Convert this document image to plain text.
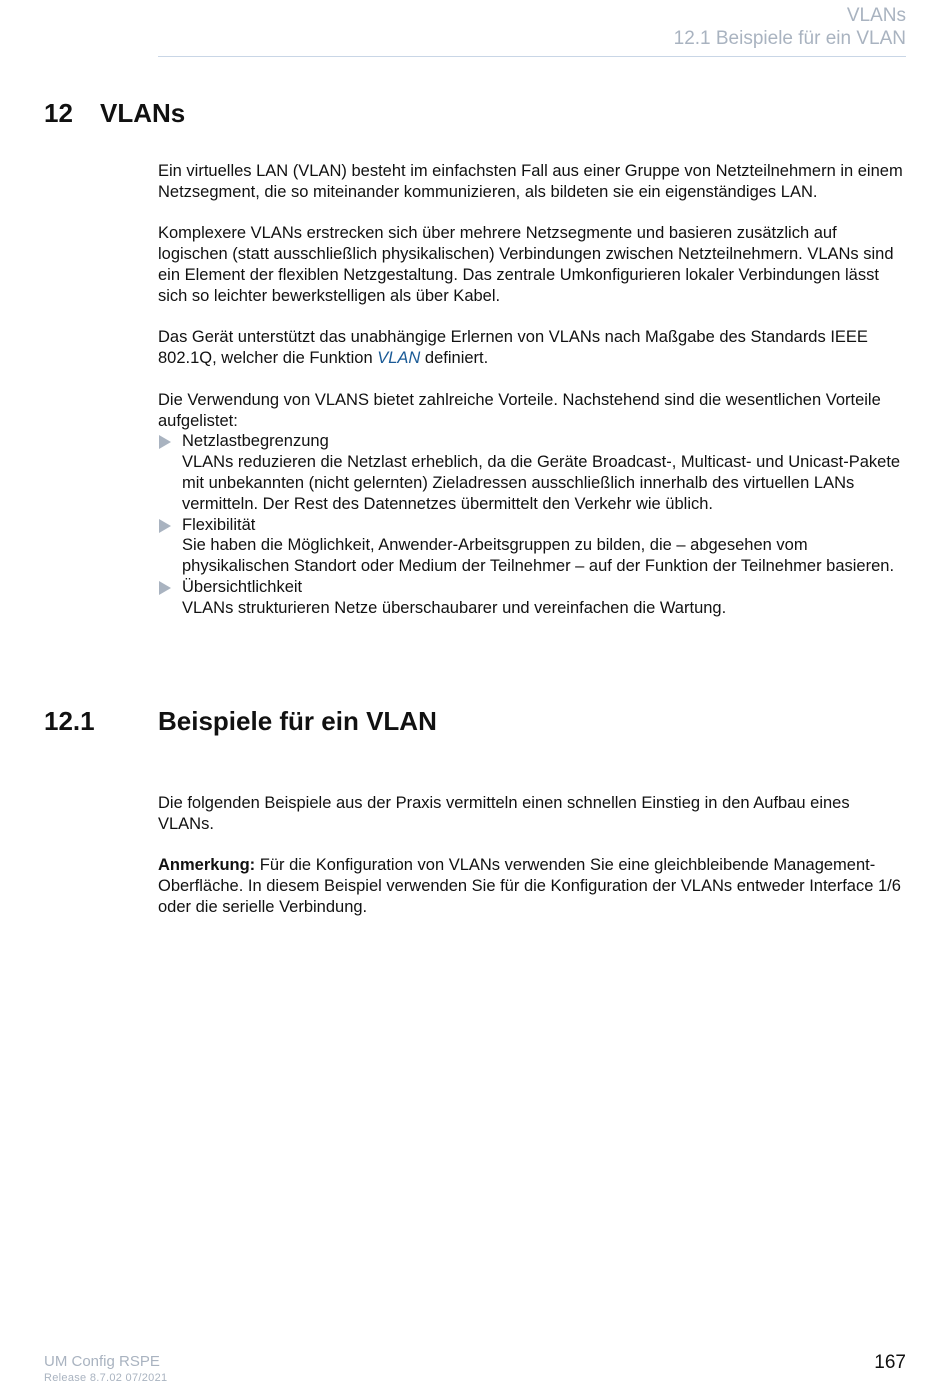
VLANs
12.1 Beispiele für ein VLAN
12 VLANs

Ein virtuelles LAN (VLAN) besteht im einfachsten Fall aus einer Gruppe von Netzteilnehmern in einem Netzsegment, die so miteinander kommunizieren, als bildeten sie ein eigenständiges LAN.

Komplexere VLANs erstrecken sich über mehrere Netzsegmente und basieren zusätzlich auf logischen (statt ausschließlich physikalischen) Verbindungen zwischen Netzteilnehmern. VLANs sind ein Element der flexiblen Netzgestaltung. Das zentrale Umkonfigurieren lokaler Verbindungen lässt sich so leichter bewerkstelligen als über Kabel.

Das Gerät unterstützt das unabhängige Erlernen von VLANs nach Maßgabe des Standards IEEE 802.1Q, welcher die Funktion VLAN definiert.

Die Verwendung von VLANS bietet zahlreiche Vorteile. Nachstehend sind die wesentlichen Vorteile aufgelistet:

Netzlastbegrenzung
VLANs reduzieren die Netzlast erheblich, da die Geräte Broadcast-, Multicast- und Unicast-Pakete mit unbekannten (nicht gelernten) Zieladressen ausschließlich innerhalb des virtuellen LANs vermitteln. Der Rest des Datennetzes übermittelt den Verkehr wie üblich.
Flexibilität
Sie haben die Möglichkeit, Anwender-Arbeitsgruppen zu bilden, die – abgesehen vom physikalischen Standort oder Medium der Teilnehmer – auf der Funktion der Teilnehmer basieren.
Übersichtlichkeit
VLANs strukturieren Netze überschaubarer und vereinfachen die Wartung.
12.1 Beispiele für ein VLAN

Die folgenden Beispiele aus der Praxis vermitteln einen schnellen Einstieg in den Aufbau eines VLANs.

Anmerkung: Für die Konfiguration von VLANs verwenden Sie eine gleichbleibende Management-Oberfläche. In diesem Beispiel verwenden Sie für die Konfiguration der VLANs entweder Interface 1/6 oder die serielle Verbindung.

UM Config RSPE
Release 8.7.02 07/2021
167
